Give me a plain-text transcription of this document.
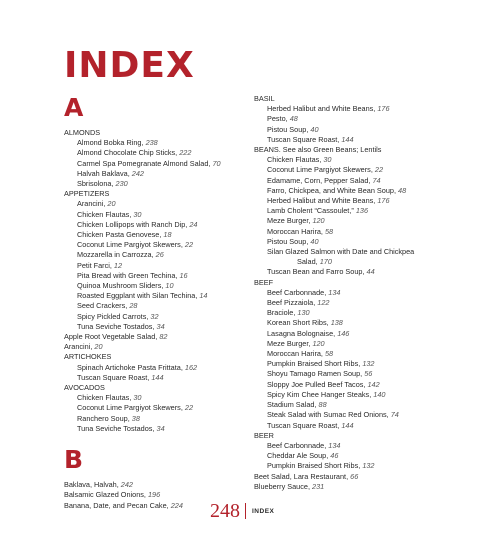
INDEX
A
ALMONDS
Almond Bobka Ring, 238
Almond Chocolate Chip Sticks, 222
Carmel Spa Pomegranate Almond Salad, 70
Halvah Baklava, 242
Sbrisolona, 230
APPETIZERS
Arancini, 20
Chicken Flautas, 30
Chicken Lollipops with Ranch Dip, 24
Chicken Pasta Genovese, 18
Coconut Lime Pargiyot Skewers, 22
Mozzarella in Carrozza, 26
Petit Farci, 12
Pita Bread with Green Techina, 16
Quinoa Mushroom Sliders, 10
Roasted Eggplant with Silan Techina, 14
Seed Crackers, 28
Spicy Pickled Carrots, 32
Tuna Seviche Tostados, 34
Apple Root Vegetable Salad, 82
Arancini, 20
ARTICHOKES
Spinach Artichoke Pasta Frittata, 162
Tuscan Square Roast, 144
AVOCADOS
Chicken Flautas, 30
Coconut Lime Pargiyot Skewers, 22
Ranchero Soup, 38
Tuna Seviche Tostados, 34
B
Baklava, Halvah, 242
Balsamic Glazed Onions, 196
Banana, Date, and Pecan Cake, 224
BASIL
Herbed Halibut and White Beans, 176
Pesto, 48
Pistou Soup, 40
Tuscan Square Roast, 144
BEANS. See also Green Beans; Lentils
Chicken Flautas, 30
Coconut Lime Pargiyot Skewers, 22
Edamame, Corn, Pepper Salad, 74
Farro, Chickpea, and White Bean Soup, 48
Herbed Halibut and White Beans, 176
Lamb Cholent “Cassoulet,” 136
Meze Burger, 120
Moroccan Harira, 58
Pistou Soup, 40
Silan Glazed Salmon with Date and Chickpea
Salad, 170
Tuscan Bean and Farro Soup, 44
BEEF
Beef Carbonnade, 134
Beef Pizzaiola, 122
Braciole, 130
Korean Short Ribs, 138
Lasagna Bolognaise, 146
Meze Burger, 120
Moroccan Harira, 58
Pumpkin Braised Short Ribs, 132
Shoyu Tamago Ramen Soup, 56
Sloppy Joe Pulled Beef Tacos, 142
Spicy Kim Chee Hanger Steaks, 140
Stadium Salad, 88
Steak Salad with Sumac Red Onions, 74
Tuscan Square Roast, 144
BEER
Beef Carbonnade, 134
Cheddar Ale Soup, 46
Pumpkin Braised Short Ribs, 132
Beet Salad, Lara Restaurant, 66
Blueberry Sauce, 231
248 INDEX
